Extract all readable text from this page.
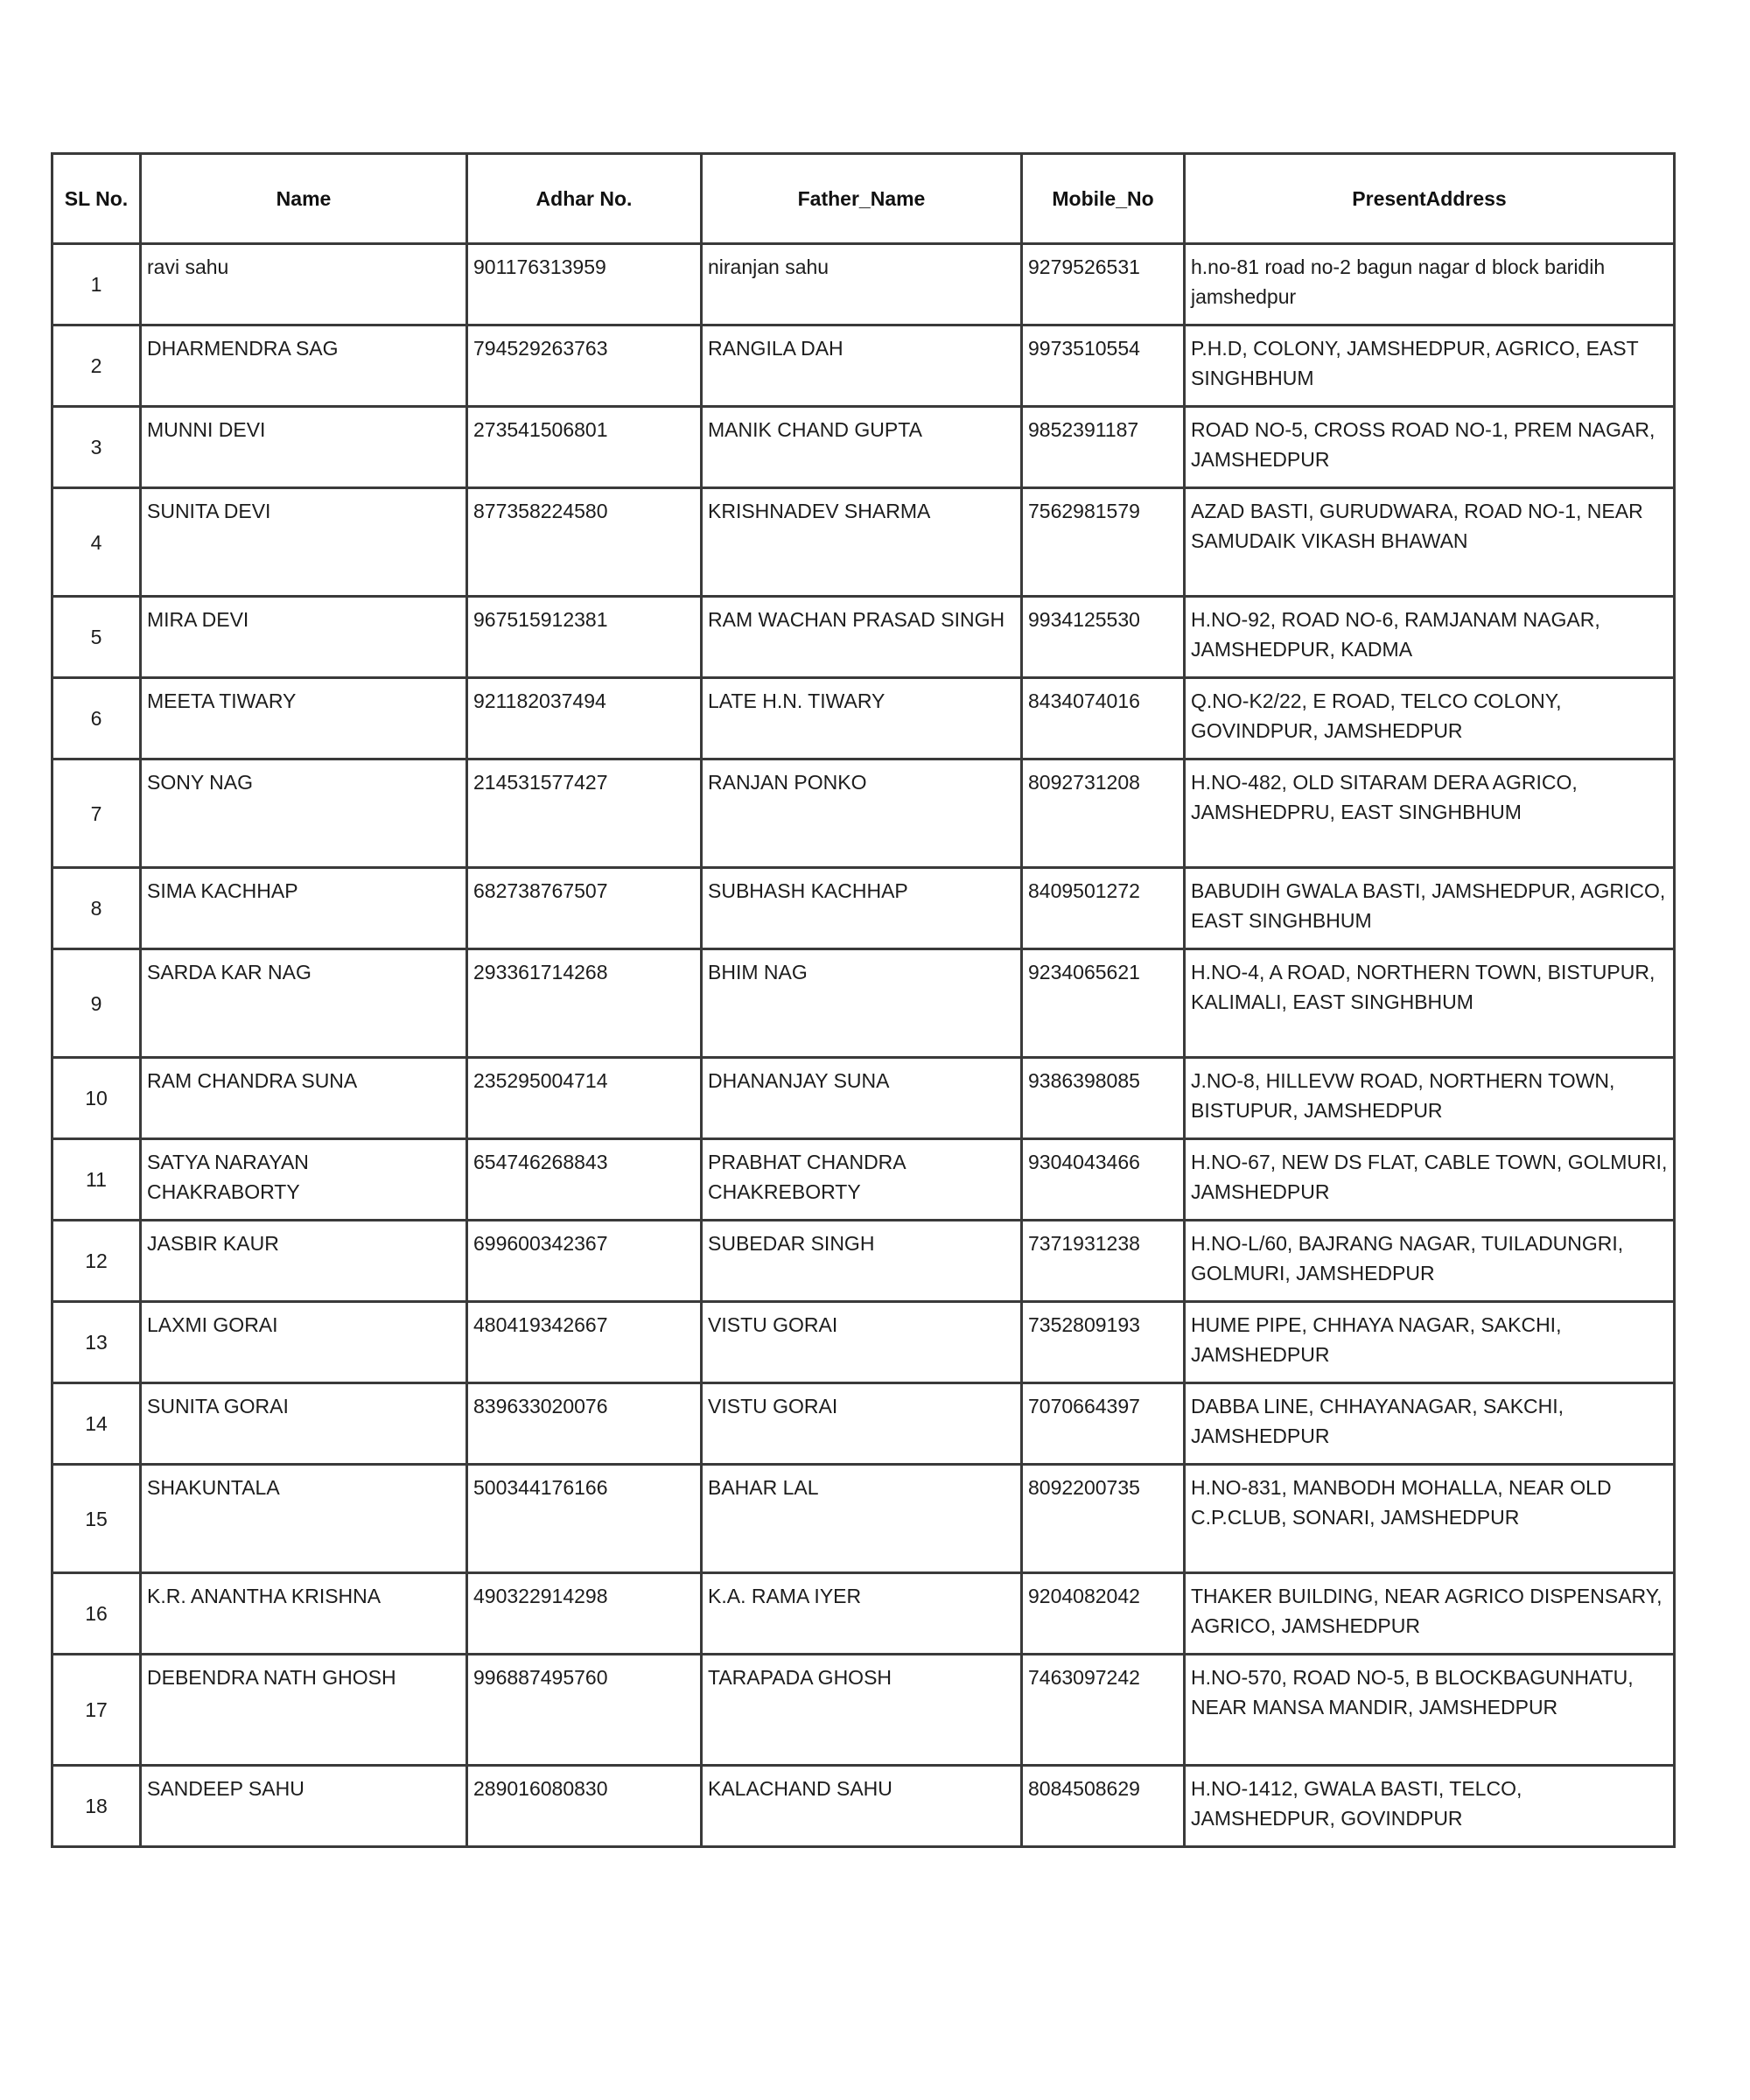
SL No.	Name	Adhar No.	Father_Name	Mobile_No	PresentAddress
1	ravi sahu	901176313959	niranjan sahu	9279526531	h.no-81 road no-2 bagun nagar d block baridih jamshedpur
2	DHARMENDRA SAG	794529263763	RANGILA DAH	9973510554	P.H.D, COLONY, JAMSHEDPUR, AGRICO, EAST SINGHBHUM
3	MUNNI DEVI	273541506801	MANIK CHAND GUPTA	9852391187	ROAD NO-5, CROSS ROAD NO-1, PREM NAGAR, JAMSHEDPUR
4	SUNITA DEVI	877358224580	KRISHNADEV SHARMA	7562981579	AZAD BASTI, GURUDWARA, ROAD NO-1, NEAR SAMUDAIK VIKASH BHAWAN
5	MIRA DEVI	967515912381	RAM WACHAN PRASAD SINGH	9934125530	H.NO-92, ROAD NO-6, RAMJANAM NAGAR, JAMSHEDPUR, KADMA
6	MEETA TIWARY	921182037494	LATE H.N. TIWARY	8434074016	Q.NO-K2/22, E ROAD, TELCO COLONY, GOVINDPUR, JAMSHEDPUR
7	SONY NAG	214531577427	RANJAN PONKO	8092731208	H.NO-482, OLD SITARAM DERA AGRICO, JAMSHEDPRU, EAST SINGHBHUM
8	SIMA KACHHAP	682738767507	SUBHASH KACHHAP	8409501272	BABUDIH GWALA BASTI, JAMSHEDPUR, AGRICO, EAST SINGHBHUM
9	SARDA KAR NAG	293361714268	BHIM NAG	9234065621	H.NO-4, A ROAD, NORTHERN TOWN, BISTUPUR, KALIMALI, EAST SINGHBHUM
10	RAM CHANDRA SUNA	235295004714	DHANANJAY SUNA	9386398085	J.NO-8, HILLEVW ROAD, NORTHERN TOWN, BISTUPUR, JAMSHEDPUR
11	SATYA NARAYAN CHAKRABORTY	654746268843	PRABHAT CHANDRA CHAKREBORTY	9304043466	H.NO-67, NEW DS FLAT, CABLE TOWN, GOLMURI, JAMSHEDPUR
12	JASBIR KAUR	699600342367	SUBEDAR SINGH	7371931238	H.NO-L/60, BAJRANG NAGAR, TUILADUNGRI, GOLMURI, JAMSHEDPUR
13	LAXMI GORAI	480419342667	VISTU GORAI	7352809193	HUME PIPE, CHHAYA NAGAR, SAKCHI, JAMSHEDPUR
14	SUNITA GORAI	839633020076	VISTU GORAI	7070664397	DABBA LINE, CHHAYANAGAR, SAKCHI, JAMSHEDPUR
15	SHAKUNTALA	500344176166	BAHAR LAL	8092200735	H.NO-831, MANBODH MOHALLA, NEAR OLD C.P.CLUB, SONARI, JAMSHEDPUR
16	K.R. ANANTHA KRISHNA	490322914298	K.A. RAMA IYER	9204082042	THAKER BUILDING, NEAR AGRICO DISPENSARY, AGRICO, JAMSHEDPUR
17	DEBENDRA NATH GHOSH	996887495760	TARAPADA GHOSH	7463097242	H.NO-570, ROAD NO-5, B BLOCKBAGUNHATU, NEAR MANSA MANDIR, JAMSHEDPUR
18	SANDEEP SAHU	289016080830	KALACHAND SAHU	8084508629	H.NO-1412, GWALA BASTI, TELCO, JAMSHEDPUR, GOVINDPUR
